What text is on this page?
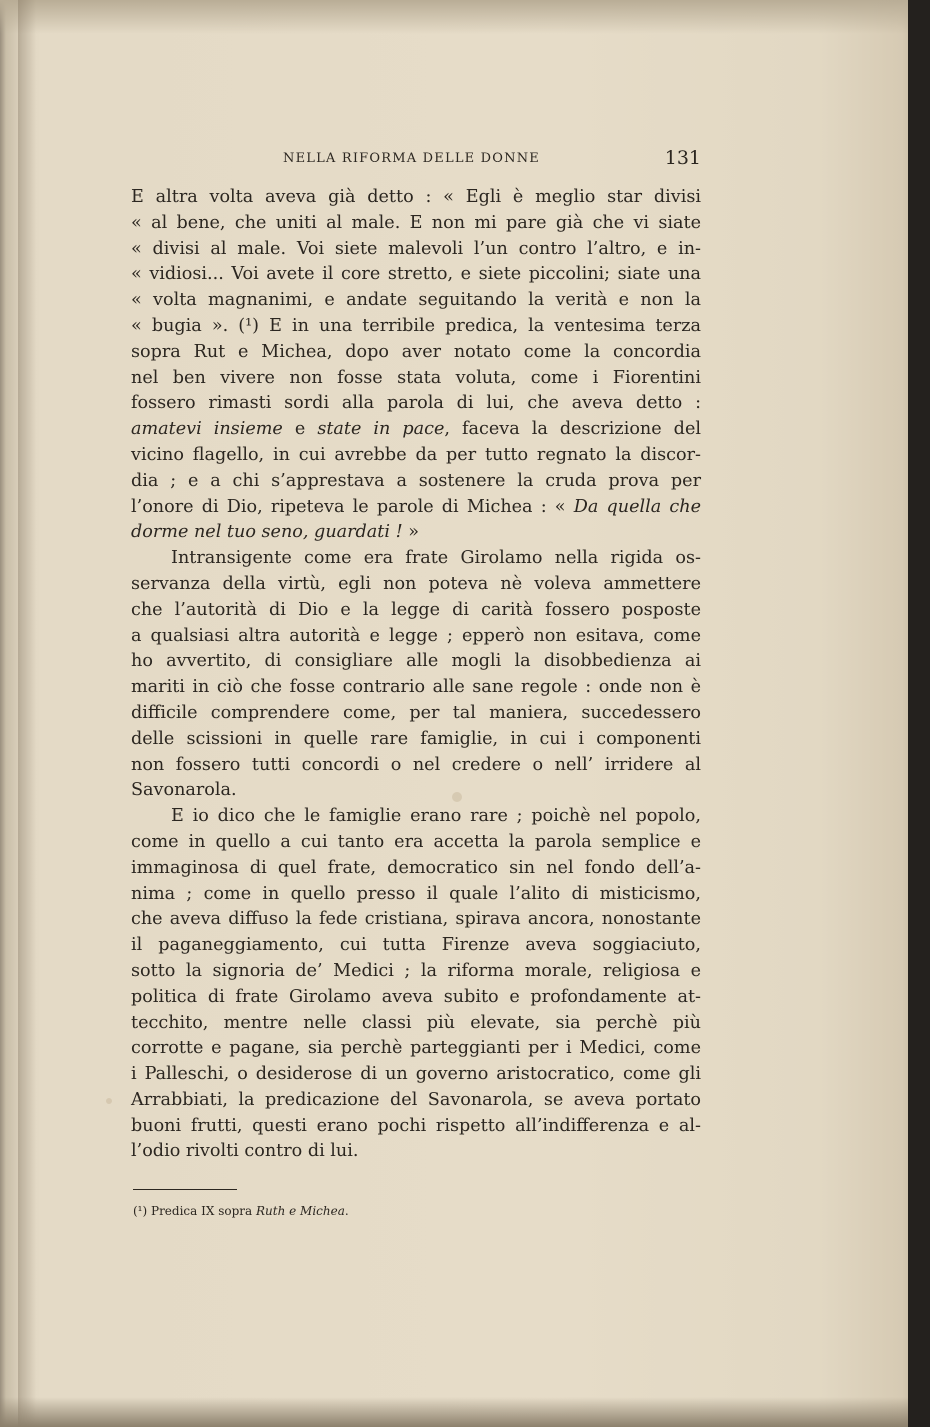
NELLA RIFORMA DELLE DONNE	131
E altra volta aveva già detto : « Egli è meglio star divisi
« al bene, che uniti al male. E non mi pare già che vi siate
« divisi al male. Voi siete malevoli l’un contro l’altro, e in-
« vidiosi... Voi avete il core stretto, e siete piccolini; siate una
« volta magnanimi, e andate seguitando la verità e non la
« bugia ». (¹) E in una terribile predica, la ventesima terza
sopra Rut e Michea, dopo aver notato come la concordia
nel ben vivere non fosse stata voluta, come i Fiorentini
fossero rimasti sordi alla parola di lui, che aveva detto :
amatevi insieme e state in pace, faceva la descrizione del
vicino flagello, in cui avrebbe da per tutto regnato la discor-
dia ; e a chi s’apprestava a sostenere la cruda prova per
l’onore di Dio, ripeteva le parole di Michea : « Da quella che
dorme nel tuo seno, guardati ! »
Intransigente come era frate Girolamo nella rigida os-
servanza della virtù, egli non poteva nè voleva ammettere
che l’autorità di Dio e la legge di carità fossero posposte
a qualsiasi altra autorità e legge ; epperò non esitava, come
ho avvertito, di consigliare alle mogli la disobbedienza ai
mariti in ciò che fosse contrario alle sane regole : onde non è
difficile comprendere come, per tal maniera, succedessero
delle scissioni in quelle rare famiglie, in cui i componenti
non fossero tutti concordi o nel credere o nell’ irridere al
Savonarola.
E io dico che le famiglie erano rare ; poichè nel popolo,
come in quello a cui tanto era accetta la parola semplice e
immaginosa di quel frate, democratico sin nel fondo dell’a-
nima ; come in quello presso il quale l’alito di misticismo,
che aveva diffuso la fede cristiana, spirava ancora, nonostante
il paganeggiamento, cui tutta Firenze aveva soggiaciuto,
sotto la signoria de’ Medici ; la riforma morale, religiosa e
politica di frate Girolamo aveva subito e profondamente at-
tecchito, mentre nelle classi più elevate, sia perchè più
corrotte e pagane, sia perchè parteggianti per i Medici, come
i Palleschi, o desiderose di un governo aristocratico, come gli
Arrabbiati, la predicazione del Savonarola, se aveva portato
buoni frutti, questi erano pochi rispetto all’indifferenza e al-
l’odio rivolti contro di lui.
(¹) Predica IX sopra Ruth e Michea.
